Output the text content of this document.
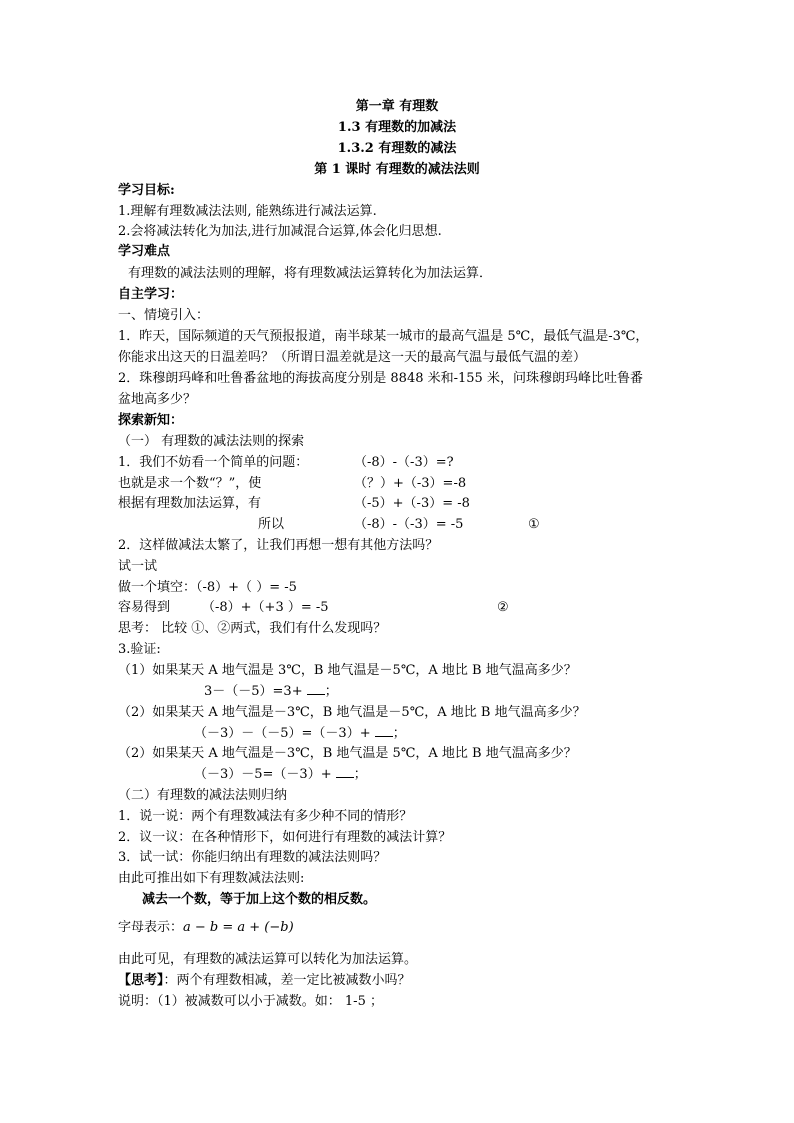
第一章 有理数
1.3 有理数的加减法
1.3.2 有理数的减法
第 1 课时 有理数的减法法则
学习目标:
1.理解有理数减法法则, 能熟练进行减法运算.
2.会将减法转化为加法,进行加减混合运算,体会化归思想.
学习难点
有理数的减法法则的理解，将有理数减法运算转化为加法运算．
自主学习：
一、情境引入：
1．昨天，国际频道的天气预报报道，南半球某一城市的最高气温是 5℃，最低气温是-3℃，
你能求出这天的日温差吗？（所谓日温差就是这一天的最高气温与最低气温的差）
2．珠穆朗玛峰和吐鲁番盆地的海拔高度分别是 8848 米和-155 米，问珠穆朗玛峰比吐鲁番
盆地高多少？
探索新知：
（一） 有理数的减法法则的探索
1．我们不妨看一个简单的问题：	（-8）-（-3）=?
也就是求一个数“？”，使	（？）+（-3）=-8
根据有理数加法运算，有	（-5）+（-3）= -8
所以	（-8）-（-3）= -5	①
2．这样做减法太繁了，让我们再想一想有其他方法吗？
试一试
做一个填空：（-8）+（ ）= -5
容易得到 （-8）+（+3 ）= -5	②
思考： 比较 ①、②两式，我们有什么发现吗？
3.验证:
（1）如果某天 A 地气温是 3℃，B 地气温是－5℃，A 地比 B 地气温高多少？
3－（－5）=3+ ；
（2）如果某天 A 地气温是－3℃，B 地气温是－5℃，A 地比 B 地气温高多少？
（－3）－（－5）=（－3）+ ；
（2）如果某天 A 地气温是－3℃，B 地气温是 5℃，A 地比 B 地气温高多少？
（－3）－5=（－3）+ ；
（二）有理数的减法法则归纳
1．说一说：两个有理数减法有多少种不同的情形？
2．议一议：在各种情形下，如何进行有理数的减法计算？
3．试一试：你能归纳出有理数的减法法则吗？
由此可推出如下有理数减法法则:
减去一个数，等于加上这个数的相反数。
字母表示：a − b = a + (−b)
由此可见，有理数的减法运算可以转化为加法运算。
【思考】：两个有理数相减，差一定比被减数小吗？
说明：（1）被减数可以小于减数。如： 1-5 ；
